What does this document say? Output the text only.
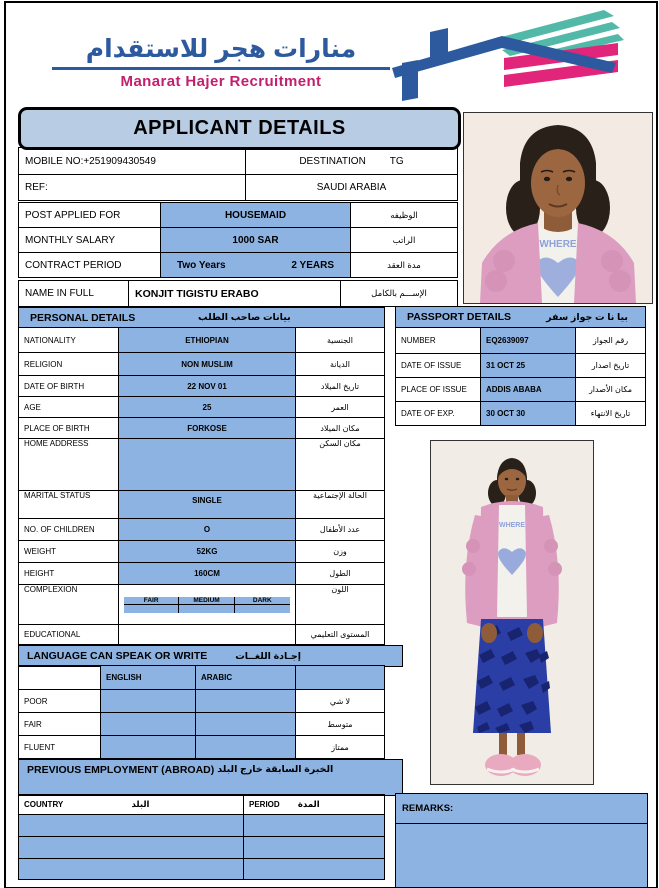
منارات هجر للاستقدام
Manarat Hajer Recruitment
APPLICANT DETAILS
MOBILE NO:+251909430549	DESTINATION TG
REF:	SAUDI ARABIA
POST APPLIED FOR	HOUSEMAID	الوظيفه
MONTHLY SALARY	1000 SAR	الراتب
CONTRACT PERIOD	Two Years 2 YEARS	مدة العقد
NAME IN FULL	KONJIT TIGISTU ERABO	الإســـم بالكامل
PERSONAL DETAILS بيانات صاحب الطلب		

NATIONALITY	ETHIOPIAN	الجنسية
RELIGION	NON MUSLIM	الديانة
DATE OF BIRTH	22 NOV 01	تاريخ الميلاد
AGE	25	العمر
PLACE OF BIRTH	FORKOSE	مكان الميلاد
HOME ADDRESS		مكان السكن
MARITAL STATUS	SINGLE	الحالة الإجتماعية
NO. OF CHILDREN	O	عدد الأطفال
WEIGHT	52KG	وزن
HEIGHT	160CM	الطول
COMPLEXION	FAIR MEDIUM DARK	اللون
EDUCATIONAL		المستوى التعليمي
LANGUAGE CAN SPEAK OR WRITE	إجـادة اللغــات
	ENGLISH	ARABIC	
POOR			لا شي
FAIR			متوسط
FLUENT			ممتاز
PREVIOUS EMPLOYMENT (ABROAD) الخبرة السابقة خارج البلد
COUNTRY البلد	PERIOD المدة

PASSPORT DETAILS بيا نا ت جواز سفر		

NUMBER	EQ2639097	رقم الجواز
DATE OF ISSUE	31 OCT 25	تاريخ اصدار
PLACE OF ISSUE	ADDIS ABABA	مكان الأصدار
DATE OF EXP.	30 OCT 30	تاريخ الانتهاء
WHERE
WHERE
REMARKS:
